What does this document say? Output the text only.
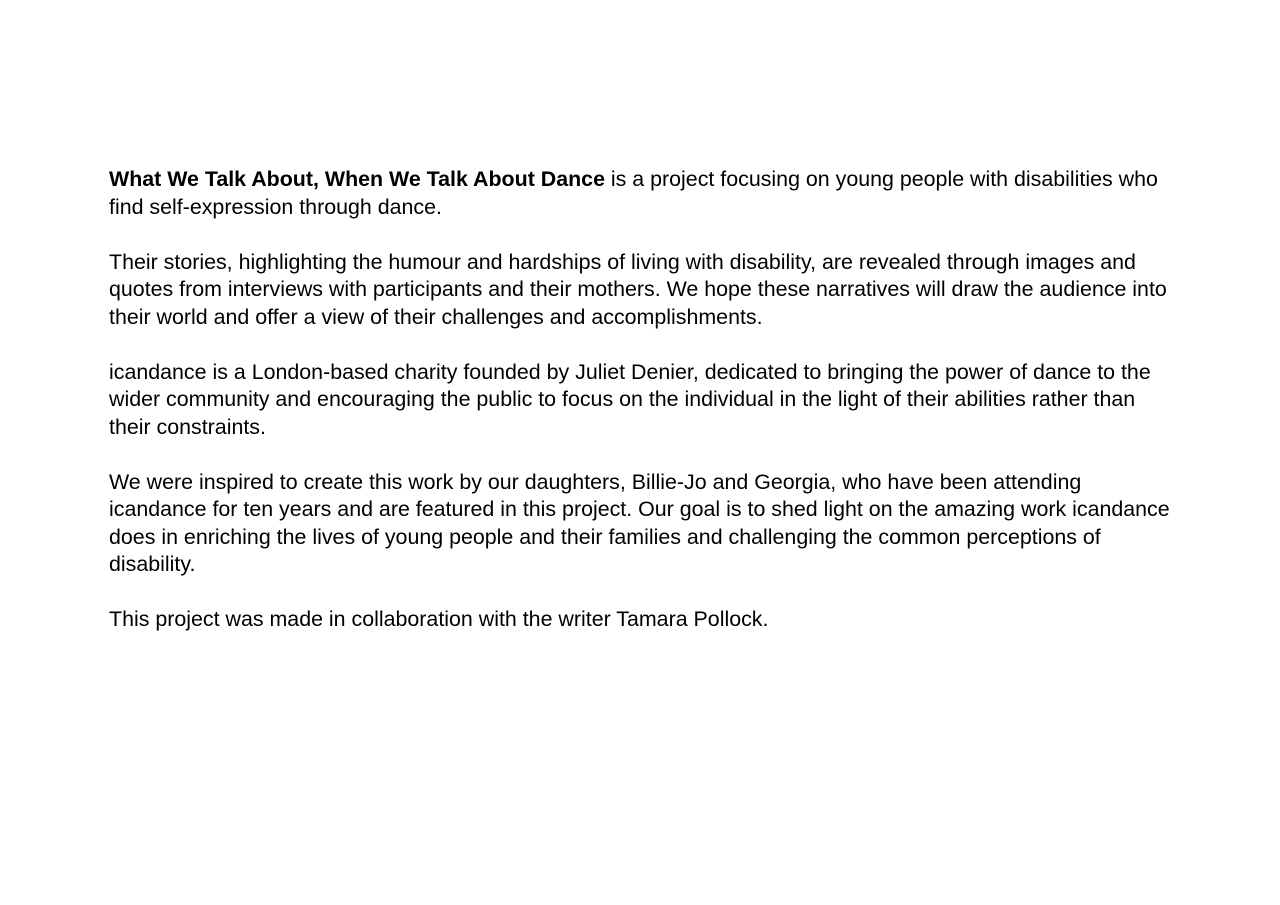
What We Talk About, When We Talk About Dance is a project focusing on young people with disabilities who find self-expression through dance.

Their stories, highlighting the humour and hardships of living with disability, are revealed through images and quotes from interviews with participants and their mothers. We hope these narratives will draw the audience into their world and offer a view of their challenges and accomplishments.

icandance is a London-based charity founded by Juliet Denier, dedicated to bringing the power of dance to the wider community and encouraging the public to focus on the individual in the light of their abilities rather than their constraints.

We were inspired to create this work by our daughters, Billie-Jo and Georgia, who have been attending icandance for ten years and are featured in this project. Our goal is to shed light on the amazing work icandance does in enriching the lives of young people and their families and challenging the common perceptions of disability.

This project was made in collaboration with the writer Tamara Pollock.
